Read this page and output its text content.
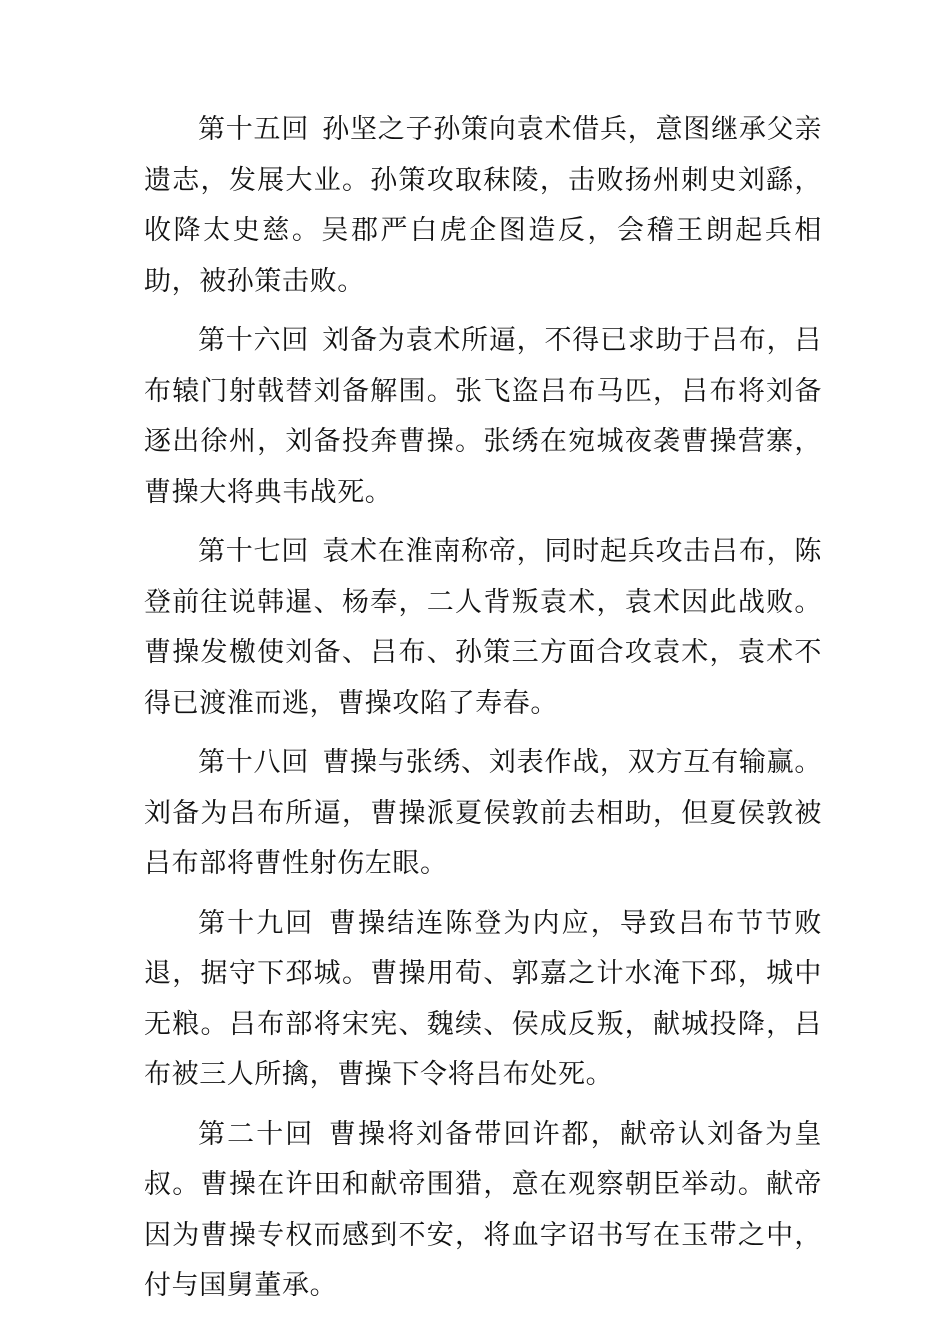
第十五回 孙坚之子孙策向袁术借兵，意图继承父亲遗志，发展大业。孙策攻取秣陵，击败扬州刺史刘繇，收降太史慈。吴郡严白虎企图造反，会稽王朗起兵相助，被孙策击败。

第十六回 刘备为袁术所逼，不得已求助于吕布，吕布辕门射戟替刘备解围。张飞盗吕布马匹，吕布将刘备逐出徐州，刘备投奔曹操。张绣在宛城夜袭曹操营寨，曹操大将典韦战死。

第十七回 袁术在淮南称帝，同时起兵攻击吕布，陈登前往说韩暹、杨奉，二人背叛袁术，袁术因此战败。曹操发檄使刘备、吕布、孙策三方面合攻袁术，袁术不得已渡淮而逃，曹操攻陷了寿春。

第十八回 曹操与张绣、刘表作战，双方互有输赢。刘备为吕布所逼，曹操派夏侯敦前去相助，但夏侯敦被吕布部将曹性射伤左眼。

第十九回 曹操结连陈登为内应，导致吕布节节败退，据守下邳城。曹操用荀、郭嘉之计水淹下邳，城中无粮。吕布部将宋宪、魏续、侯成反叛，献城投降，吕布被三人所擒，曹操下令将吕布处死。

第二十回 曹操将刘备带回许都，献帝认刘备为皇叔。曹操在许田和献帝围猎，意在观察朝臣举动。献帝因为曹操专权而感到不安，将血字诏书写在玉带之中，付与国舅董承。
